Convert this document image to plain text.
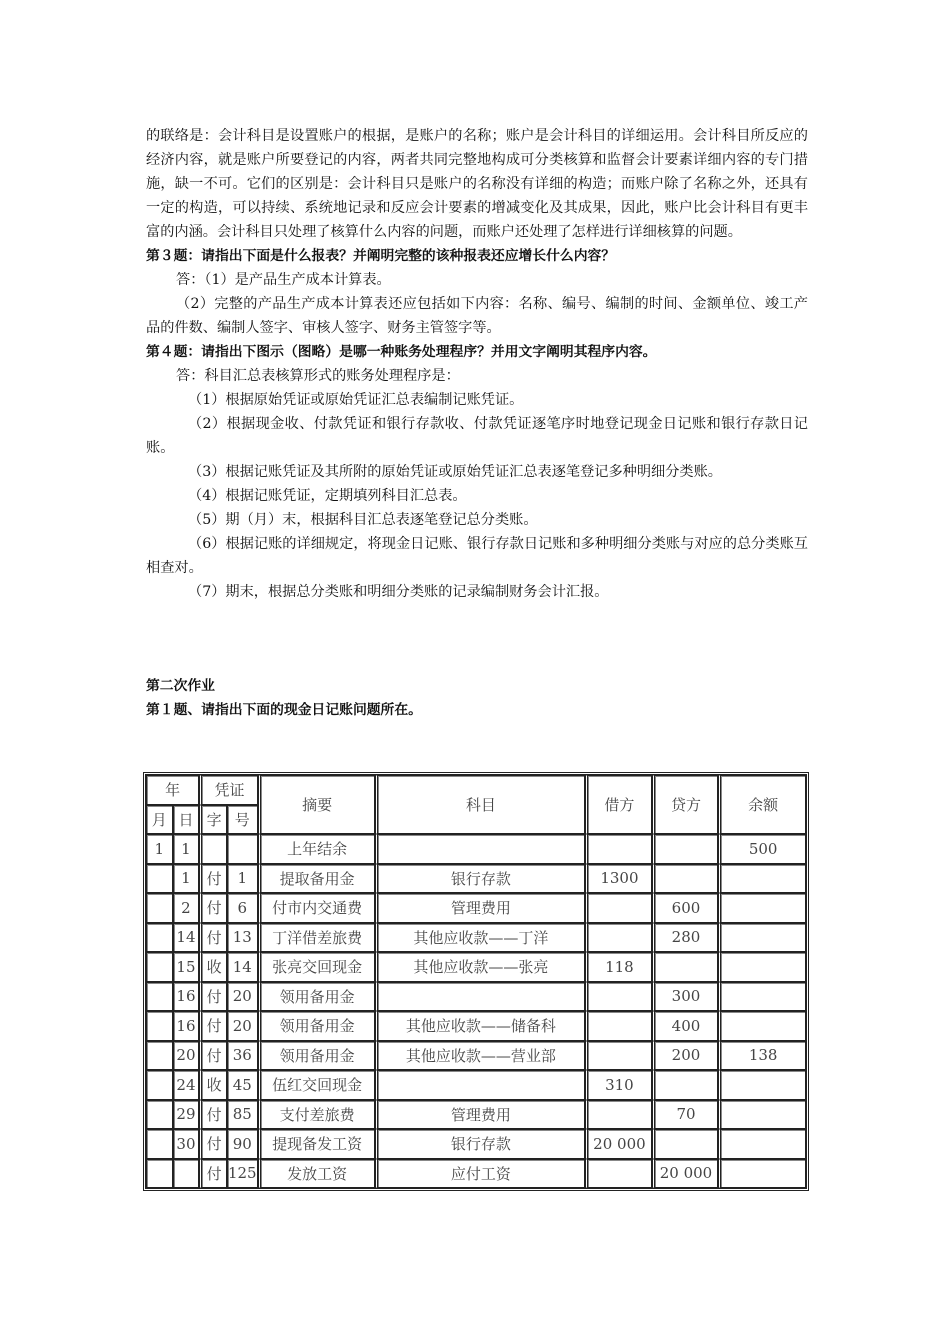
的联络是：会计科目是设置账户的根据，是账户的名称；账户是会计科目的详细运用。会计科目所反应的经济内容，就是账户所要登记的内容，两者共同完整地构成可分类核算和监督会计要素详细内容的专门措施，缺一不可。它们的区别是：会计科目只是账户的名称没有详细的构造；而账户除了名称之外，还具有一定的构造，可以持续、系统地记录和反应会计要素的增减变化及其成果，因此，账户比会计科目有更丰富的内涵。会计科目只处理了核算什么内容的问题，而账户还处理了怎样进行详细核算的问题。

第３题：请指出下面是什么报表？并阐明完整的该种报表还应增长什么内容？

答：（1）是产品生产成本计算表。

（2）完整的产品生产成本计算表还应包括如下内容：名称、编号、编制的时间、金额单位、竣工产品的件数、编制人签字、审核人签字、财务主管签字等。

第４题：请指出下图示（图略）是哪一种账务处理程序？并用文字阐明其程序内容。

答：科目汇总表核算形式的账务处理程序是：

（1）根据原始凭证或原始凭证汇总表编制记账凭证。

（2）根据现金收、付款凭证和银行存款收、付款凭证逐笔序时地登记现金日记账和银行存款日记账。

（3）根据记账凭证及其所附的原始凭证或原始凭证汇总表逐笔登记多种明细分类账。

（4）根据记账凭证，定期填列科目汇总表。

（5）期（月）末，根据科目汇总表逐笔登记总分类账。

（6）根据记账的详细规定，将现金日记账、银行存款日记账和多种明细分类账与对应的总分类账互相查对。

（7）期末，根据总分类账和明细分类账的记录编制财务会计汇报。

第二次作业

第１题、请指出下面的现金日记账问题所在。

年		凭证		摘要	科目	借方	贷方	余额
月	日	字	号					
1	1			上年结余				500
	1	付	1	提取备用金	银行存款	1300		
	2	付	6	付市内交通费	管理费用		600	
	14	付	13	丁洋借差旅费	其他应收款——丁洋		280	
	15	收	14	张亮交回现金	其他应收款——张亮	118		
	16	付	20	领用备用金			300	
	16	付	20	领用备用金	其他应收款——储备科		400	
	20	付	36	领用备用金	其他应收款——营业部		200	138
	24	收	45	伍红交回现金		310		
	29	付	85	支付差旅费	管理费用		70	
	30	付	90	提现备发工资	银行存款	20 000		
		付	125	发放工资	应付工资		20 000	
